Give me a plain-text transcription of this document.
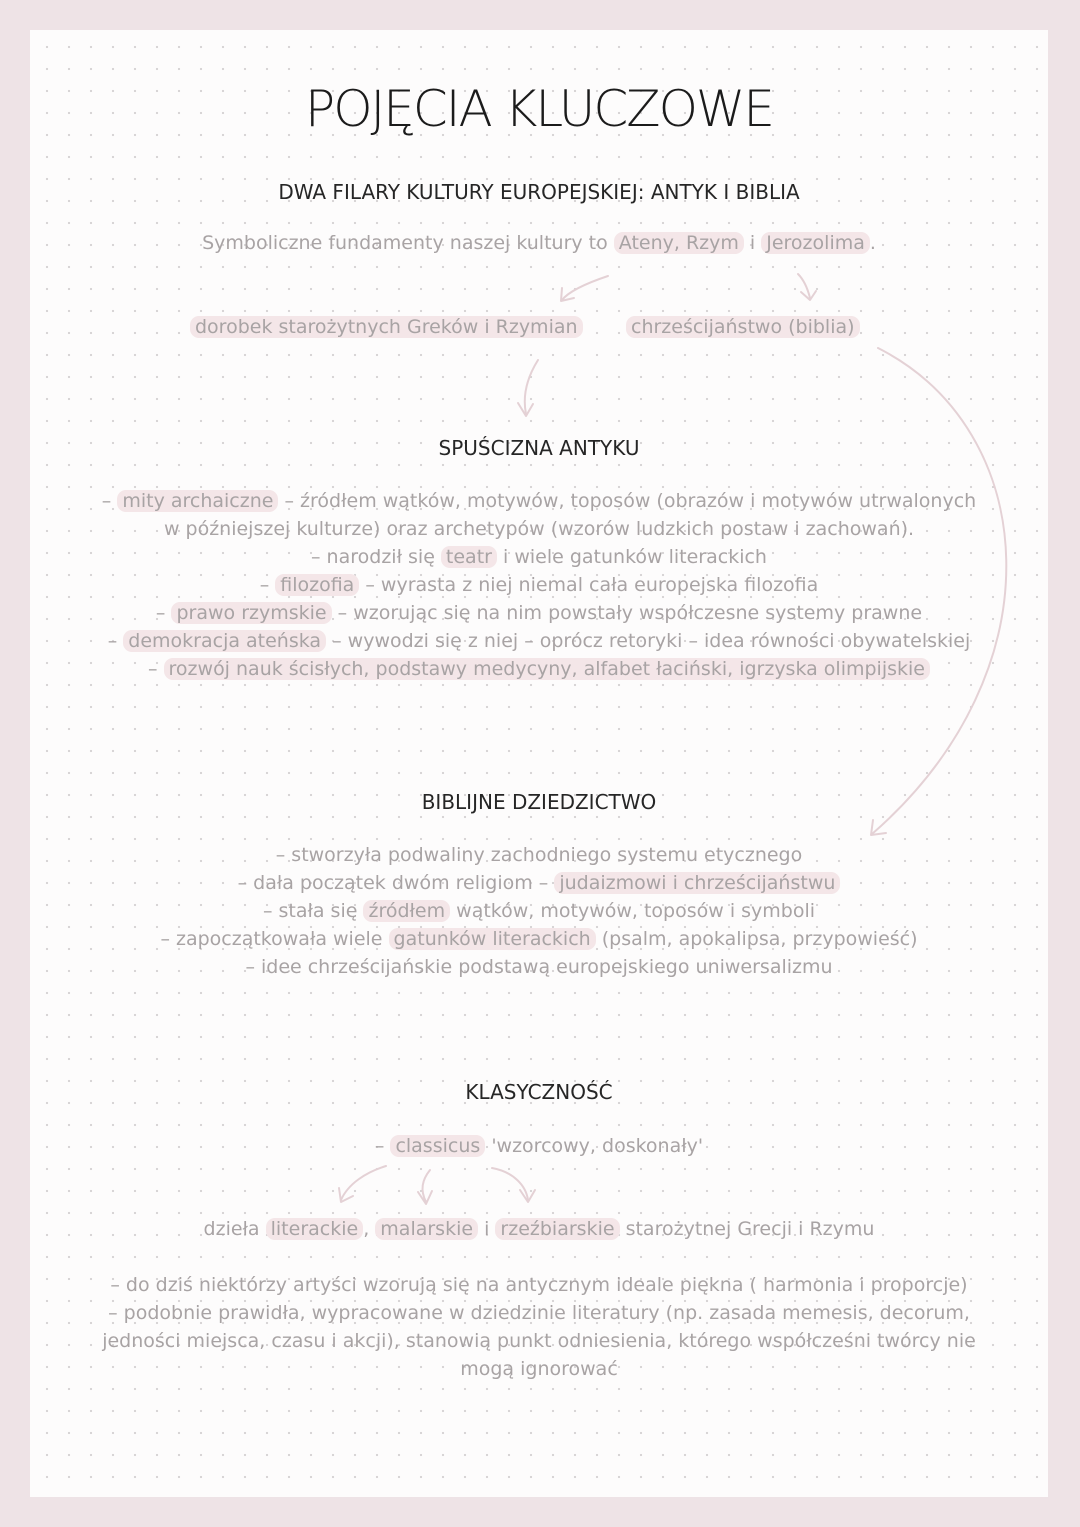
POJĘCIA KLUCZOWE
DWA FILARY KULTURY EUROPEJSKIEJ: ANTYK I BIBLIA
Symboliczne fundamenty naszej kultury to Ateny, Rzym i Jerozolima .
dorobek starożytnych Greków i Rzymian	chrześcijaństwo (biblia)
SPUŚCIZNA ANTYKU
– mity archaiczne – źródłem wątków, motywów, toposów (obrazów i motywów utrwalonych
w późniejszej kulturze) oraz archetypów (wzorów ludzkich postaw i zachowań).
– narodził się teatr i wiele gatunków literackich
– filozofia – wyrasta z niej niemal cała europejska filozofia
– prawo rzymskie – wzorując się na nim powstały współczesne systemy prawne
– demokracja ateńska – wywodzi się z niej – oprócz retoryki – idea równości obywatelskiej
– rozwój nauk ścisłych, podstawy medycyny, alfabet łaciński, igrzyska olimpijskie
BIBLIJNE DZIEDZICTWO
– stworzyła podwaliny zachodniego systemu etycznego
– dała początek dwóm religiom – judaizmowi i chrześcijaństwu
– stała się źródłem wątków, motywów, toposów i symboli
– zapoczątkowała wiele gatunków literackich (psalm, apokalipsa, przypowieść)
– idee chrześcijańskie podstawą europejskiego uniwersalizmu
KLASYCZNOŚĆ
– classicus 'wzorcowy, doskonały'
dzieła literackie , malarskie i rzeźbiarskie starożytnej Grecji i Rzymu
– do dziś niektórzy artyści wzorują się na antycznym ideale piękna ( harmonia i proporcje)
– podobnie prawidła, wypracowane w dziedzinie literatury (np. zasada memesis, decorum,
jedności miejsca, czasu i akcji), stanowią punkt odniesienia, którego współcześni twórcy nie
mogą ignorować
